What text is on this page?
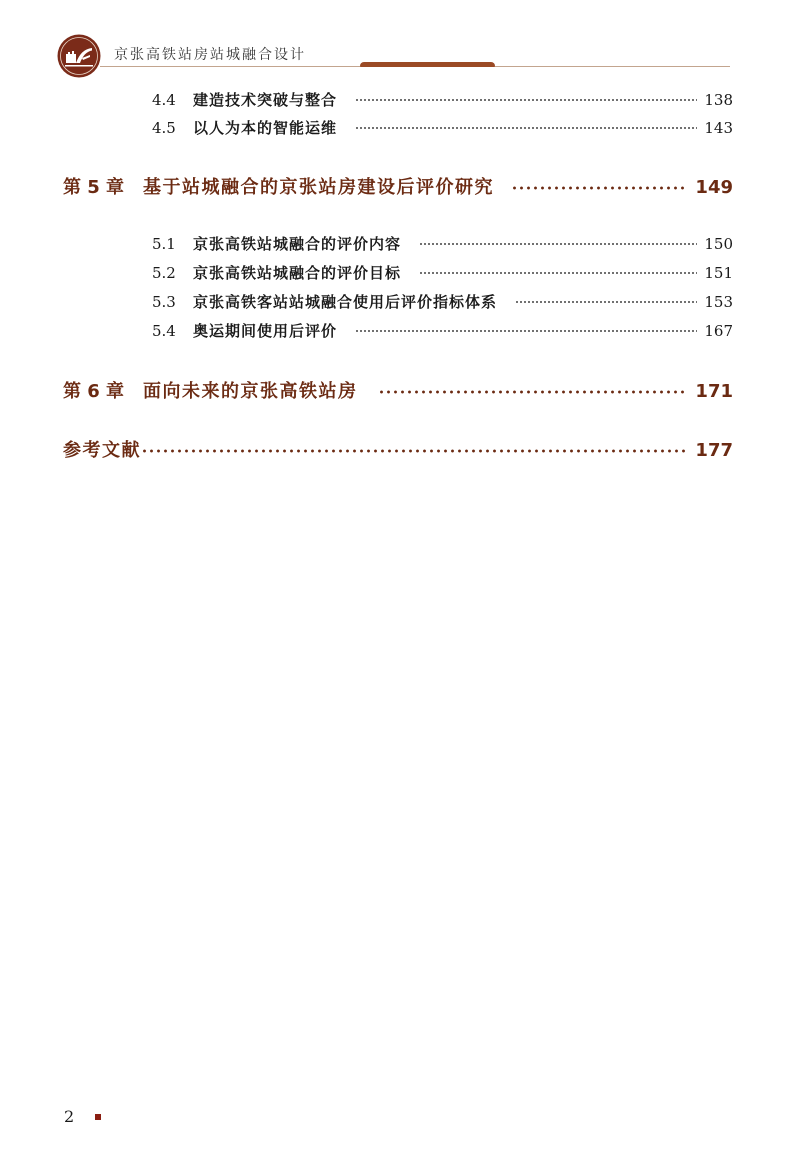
京张高铁站房站城融合设计
4.4	建造技术突破与整合	138
4.5	以人为本的智能运维	143
第 5 章	基于站城融合的京张站房建设后评价研究	149
5.1	京张高铁站城融合的评价内容	150
5.2	京张高铁站城融合的评价目标	151
5.3	京张高铁客站站城融合使用后评价指标体系	153
5.4	奥运期间使用后评价	167
第 6 章	面向未来的京张高铁站房	171
参考文献	177
2
